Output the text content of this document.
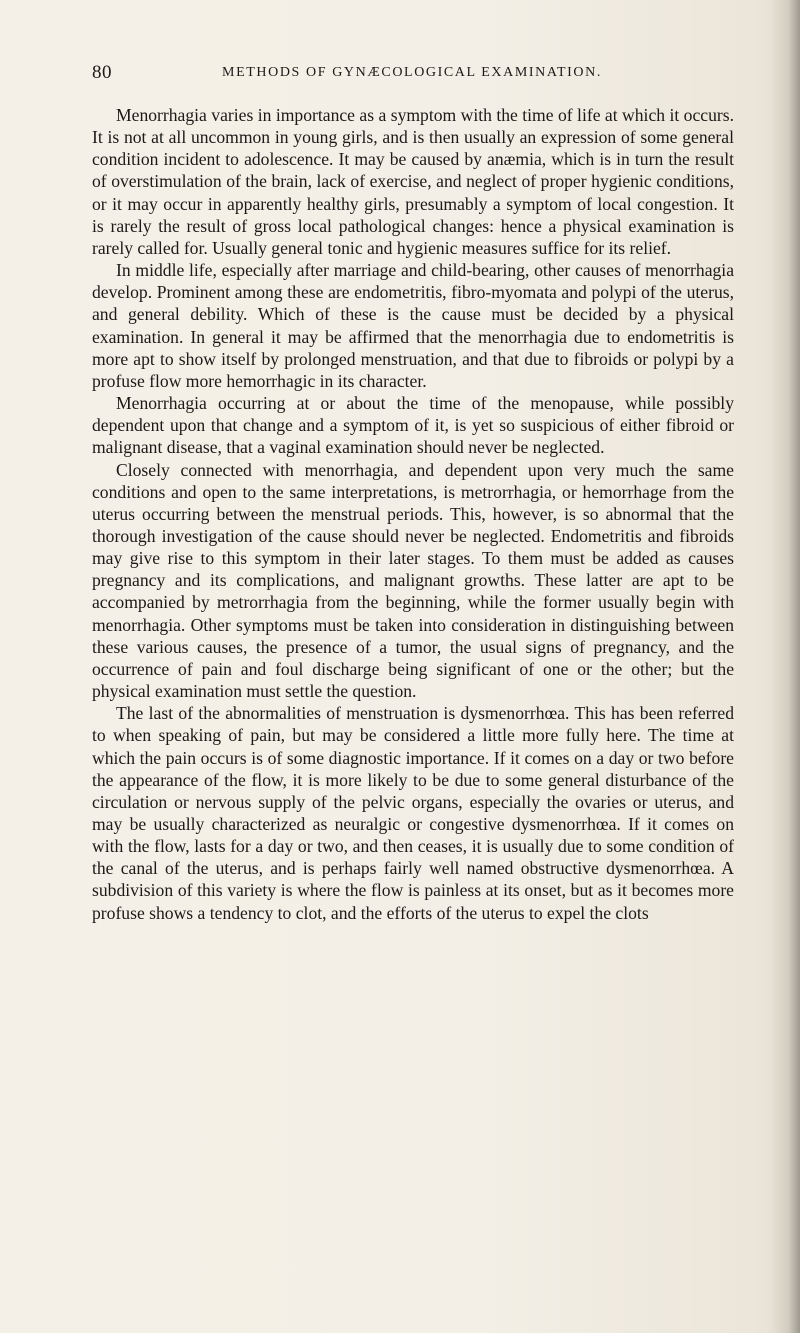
80	METHODS OF GYNÆCOLOGICAL EXAMINATION.

Menorrhagia varies in importance as a symptom with the time of life at which it occurs. It is not at all uncommon in young girls, and is then usually an expression of some general condition incident to adolescence. It may be caused by anæmia, which is in turn the result of overstimulation of the brain, lack of exercise, and neglect of proper hygienic conditions, or it may occur in apparently healthy girls, presumably a symptom of local congestion. It is rarely the result of gross local pathological changes: hence a physical examination is rarely called for. Usually general tonic and hygienic measures suffice for its relief.

In middle life, especially after marriage and child-bearing, other causes of menorrhagia develop. Prominent among these are endometritis, fibro-myomata and polypi of the uterus, and general debility. Which of these is the cause must be decided by a physical examination. In general it may be affirmed that the menorrhagia due to endometritis is more apt to show itself by prolonged menstruation, and that due to fibroids or polypi by a profuse flow more hemorrhagic in its character.

Menorrhagia occurring at or about the time of the menopause, while possibly dependent upon that change and a symptom of it, is yet so suspicious of either fibroid or malignant disease, that a vaginal examination should never be neglected.

Closely connected with menorrhagia, and dependent upon very much the same conditions and open to the same interpretations, is metrorrhagia, or hemorrhage from the uterus occurring between the menstrual periods. This, however, is so abnormal that the thorough investigation of the cause should never be neglected. Endometritis and fibroids may give rise to this symptom in their later stages. To them must be added as causes pregnancy and its complications, and malignant growths. These latter are apt to be accompanied by metrorrhagia from the beginning, while the former usually begin with menorrhagia. Other symptoms must be taken into consideration in distinguishing between these various causes, the presence of a tumor, the usual signs of pregnancy, and the occurrence of pain and foul discharge being significant of one or the other; but the physical examination must settle the question.

The last of the abnormalities of menstruation is dysmenorrhœa. This has been referred to when speaking of pain, but may be considered a little more fully here. The time at which the pain occurs is of some diagnostic importance. If it comes on a day or two before the appearance of the flow, it is more likely to be due to some general disturbance of the circulation or nervous supply of the pelvic organs, especially the ovaries or uterus, and may be usually characterized as neuralgic or congestive dysmenorrhœa. If it comes on with the flow, lasts for a day or two, and then ceases, it is usually due to some condition of the canal of the uterus, and is perhaps fairly well named obstructive dysmenorrhœa. A subdivision of this variety is where the flow is painless at its onset, but as it becomes more profuse shows a tendency to clot, and the efforts of the uterus to expel the clots
